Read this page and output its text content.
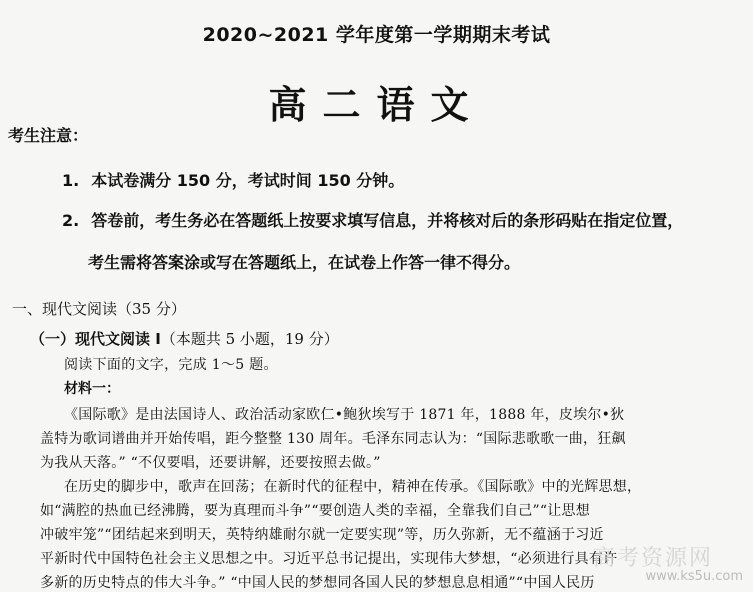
2020~2021 学年度第一学期期末考试
高二语文
考生注意：
1. 本试卷满分 150 分，考试时间 150 分钟。
2. 答卷前，考生务必在答题纸上按要求填写信息，并将核对后的条形码贴在指定位置，
考生需将答案涂或写在答题纸上，在试卷上作答一律不得分。
一、现代文阅读（35 分）
（一）现代文阅读 I（本题共 5 小题，19 分）
阅读下面的文字，完成 1～5 题。
材料一：
《国际歌》是由法国诗人、政治活动家欧仁•鲍狄埃写于 1871 年，1888 年，皮埃尔•狄
盖特为歌词谱曲并开始传唱，距今整整 130 周年。毛泽东同志认为：“国际悲歌歌一曲，狂飙
为我从天落。” “不仅要唱，还要讲解，还要按照去做。”
在历史的脚步中，歌声在回荡；在新时代的征程中，精神在传承。《国际歌》中的光辉思想，
如“满腔的热血已经沸腾，要为真理而斗争”“要创造人类的幸福，全靠我们自己”“让思想
冲破牢笼”“团结起来到明天，英特纳雄耐尔就一定要实现”等，历久弥新，无不蕴涵于习近
平新时代中国特色社会主义思想之中。习近平总书记提出，实现伟大梦想，“必须进行具有许
多新的历史特点的伟大斗争。” “中国人民的梦想同各国人民的梦想息息相通”“中国人民历
高考资源网
www.ks5u.com
